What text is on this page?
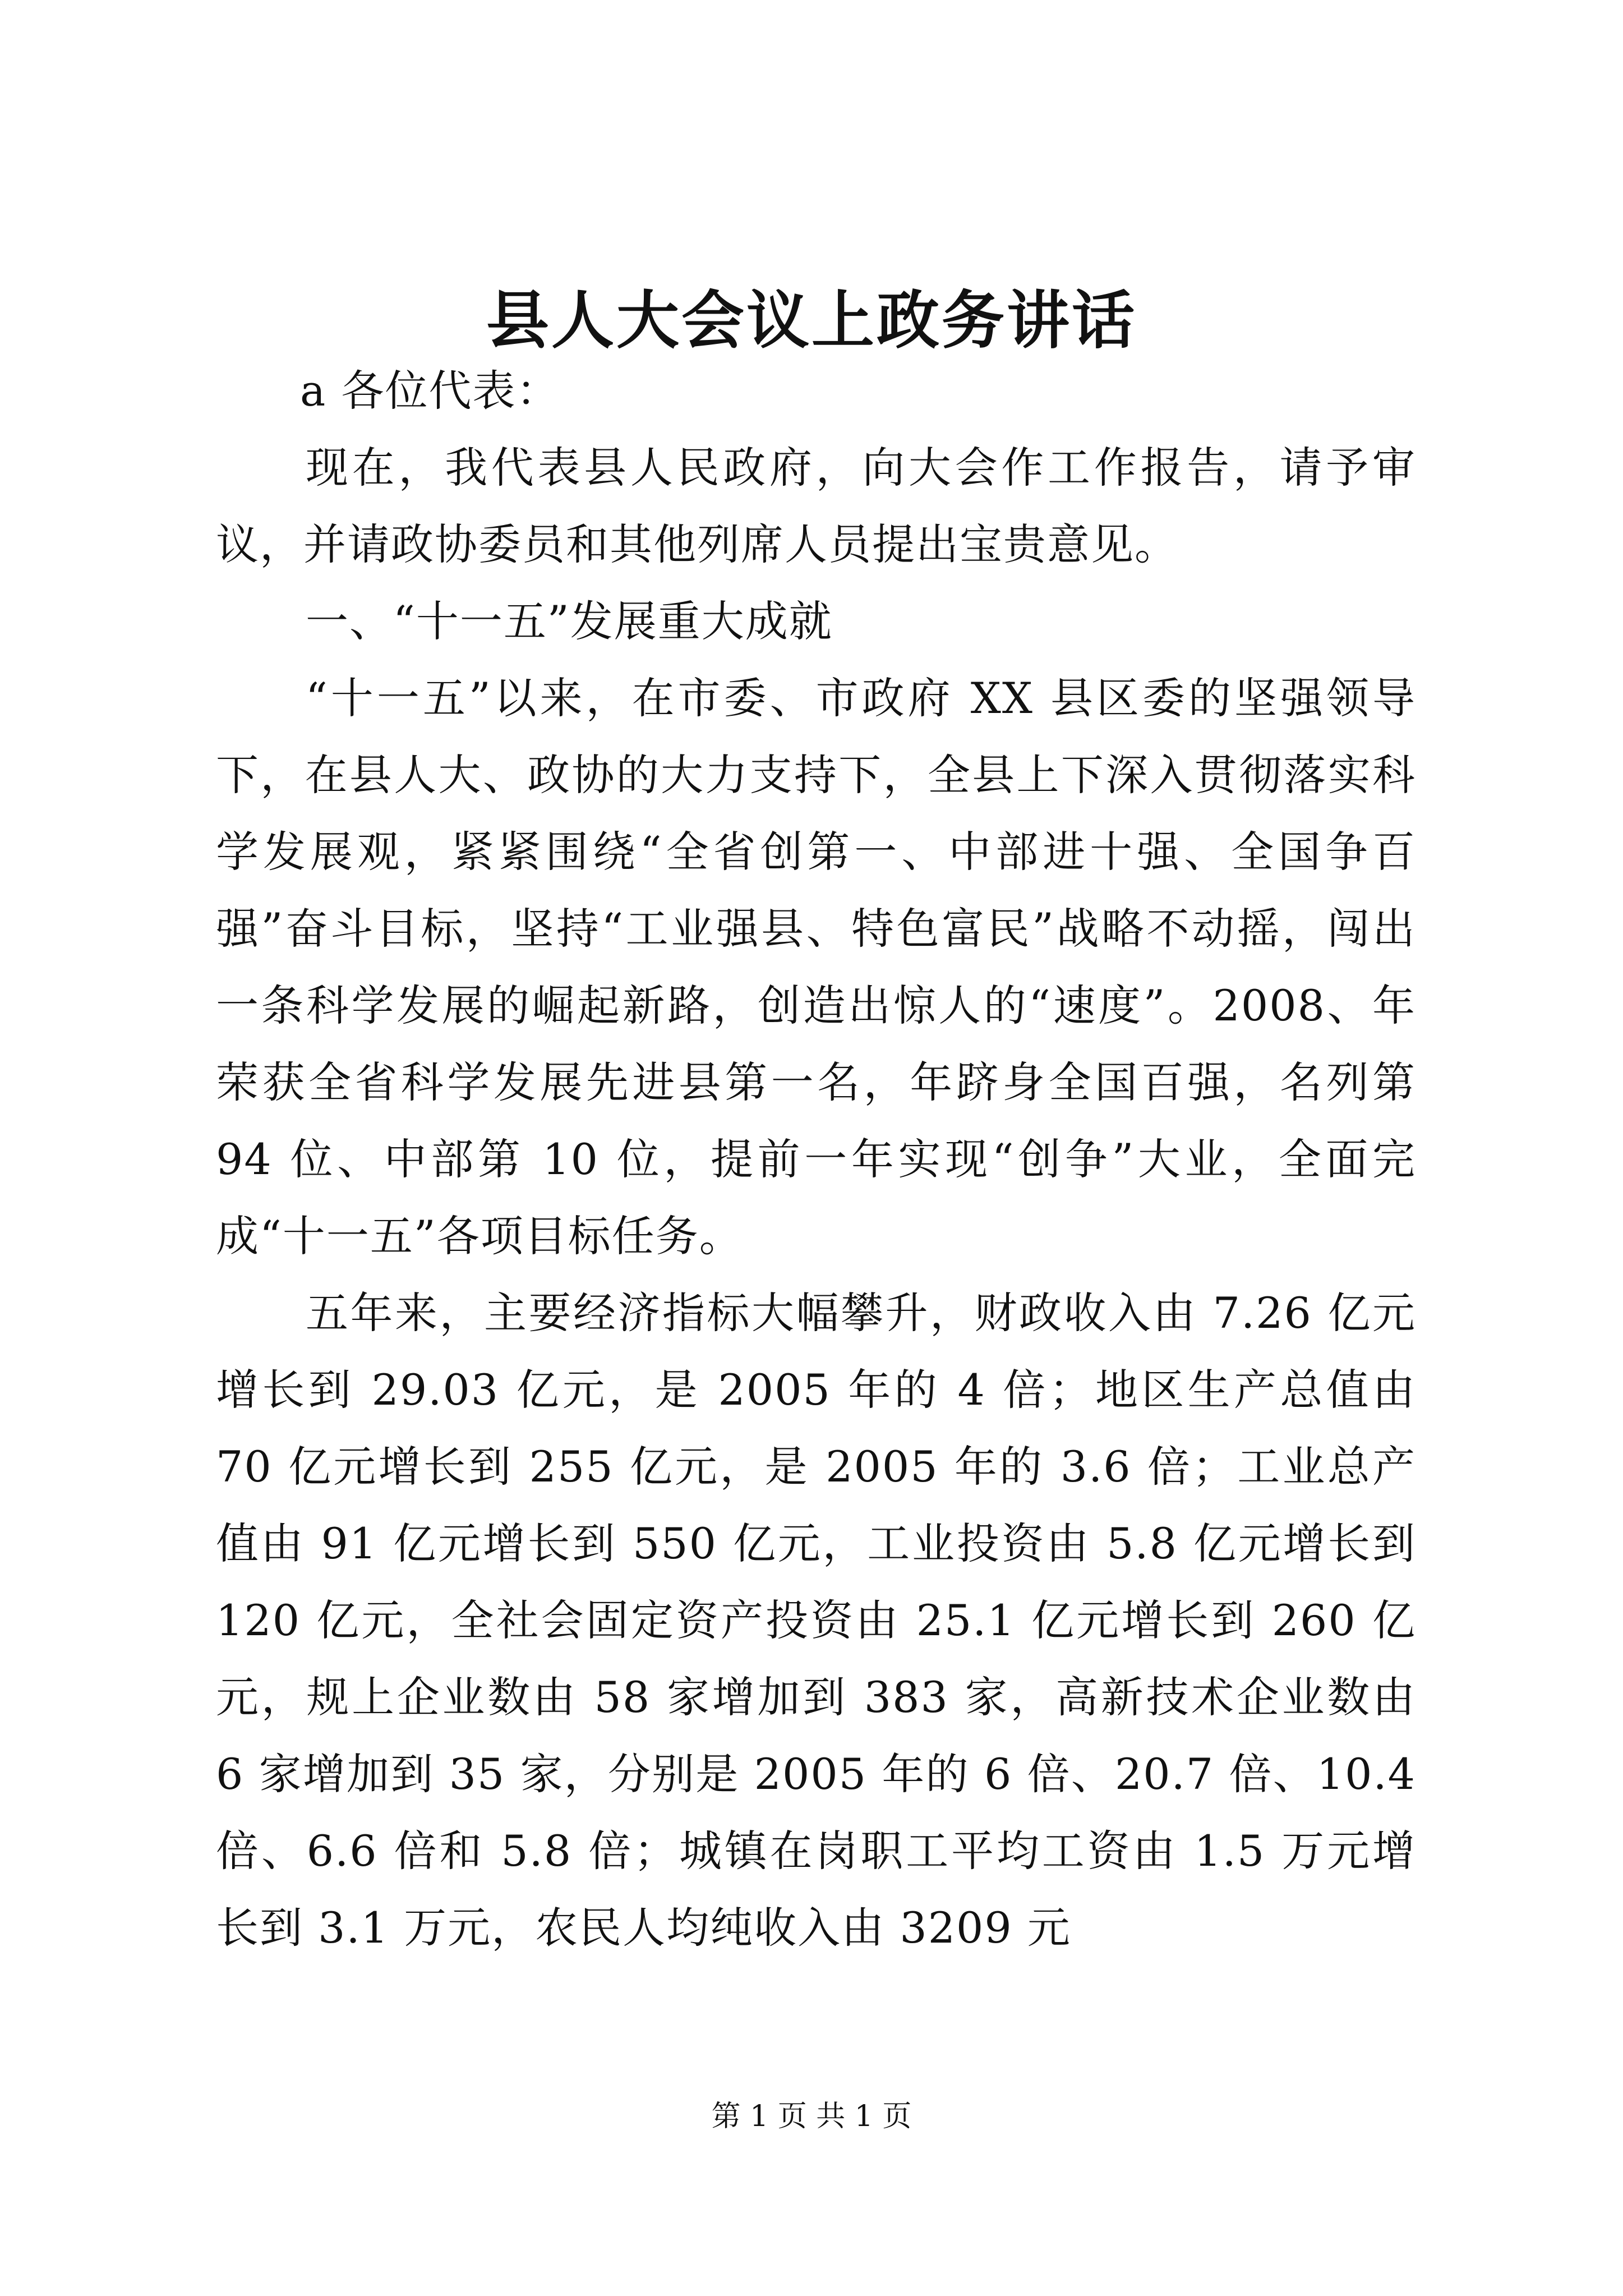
县人大会议上政务讲话

a 各位代表：

现在，我代表县人民政府，向大会作工作报告，请予审议，并请政协委员和其他列席人员提出宝贵意见。

一、“十一五”发展重大成就

“十一五”以来，在市委、市政府 XX 县区委的坚强领导下，在县人大、政协的大力支持下，全县上下深入贯彻落实科学发展观，紧紧围绕“全省创第一、中部进十强、全国争百强”奋斗目标，坚持“工业强县、特色富民”战略不动摇，闯出一条科学发展的崛起新路，创造出惊人的“速度”。2008、年荣获全省科学发展先进县第一名，年跻身全国百强，名列第 94 位、中部第 10 位，提前一年实现“创争”大业，全面完成“十一五”各项目标任务。

五年来，主要经济指标大幅攀升，财政收入由 7.26 亿元增长到 29.03 亿元，是 2005 年的 4 倍；地区生产总值由 70 亿元增长到 255 亿元，是 2005 年的 3.6 倍；工业总产值由 91 亿元增长到 550 亿元，工业投资由 5.8 亿元增长到 120 亿元，全社会固定资产投资由 25.1 亿元增长到 260 亿元，规上企业数由 58 家增加到 383 家，高新技术企业数由 6 家增加到 35 家，分别是 2005 年的 6 倍、20.7 倍、10.4 倍、6.6 倍和 5.8 倍；城镇在岗职工平均工资由 1.5 万元增长到 3.1 万元，农民人均纯收入由 3209 元

第 1 页 共 1 页
